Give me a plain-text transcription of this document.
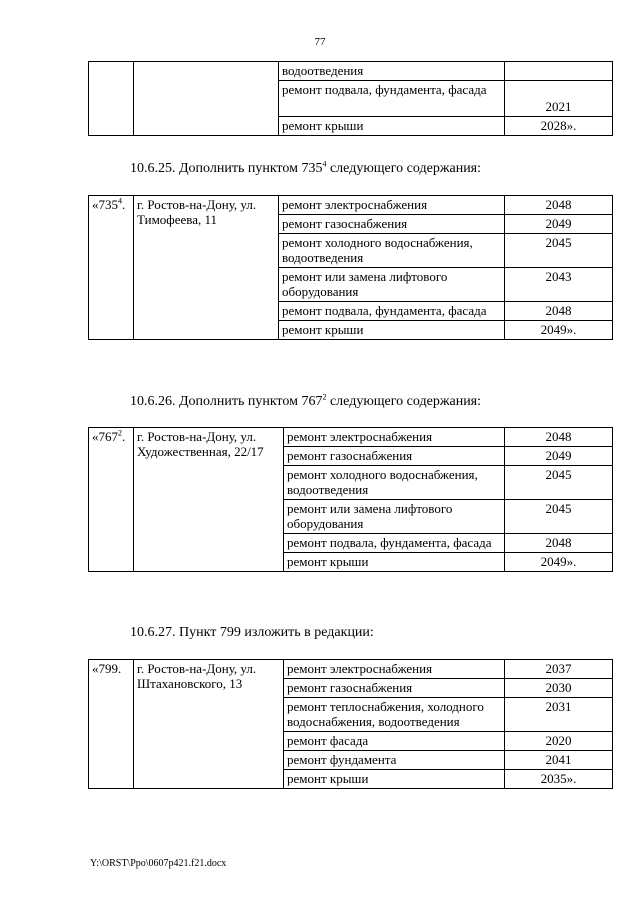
77
		водоотведения	
		ремонт подвала, фундамента, фасада	2021
		ремонт крыши	2028».
10.6.25. Дополнить пунктом $735^4$ следующего содержания:
«$735^4$.	г. Ростов-на-Дону, ул. Тимофеева, 11	ремонт электроснабжения	2048
		ремонт газоснабжения	2049
		ремонт холодного водоснабжения, водоотведения	2045
		ремонт или замена лифтового оборудования	2043
		ремонт подвала, фундамента, фасада	2048
		ремонт крыши	2049».
10.6.26. Дополнить пунктом $767^2$ следующего содержания:
«$767^2$.	г. Ростов-на-Дону, ул. Художественная, 22/17	ремонт электроснабжения	2048
		ремонт газоснабжения	2049
		ремонт холодного водоснабжения, водоотведения	2045
		ремонт или замена лифтового оборудования	2045
		ремонт подвала, фундамента, фасада	2048
		ремонт крыши	2049».
10.6.27. Пункт 799 изложить в редакции:
«799.	г. Ростов-на-Дону, ул. Штахановского, 13	ремонт электроснабжения	2037
		ремонт газоснабжения	2030
		ремонт теплоснабжения, холодного водоснабжения, водоотведения	2031
		ремонт фасада	2020
		ремонт фундамента	2041
		ремонт крыши	2035».
Y:\ORST\Ppo\0607p421.f21.docx
